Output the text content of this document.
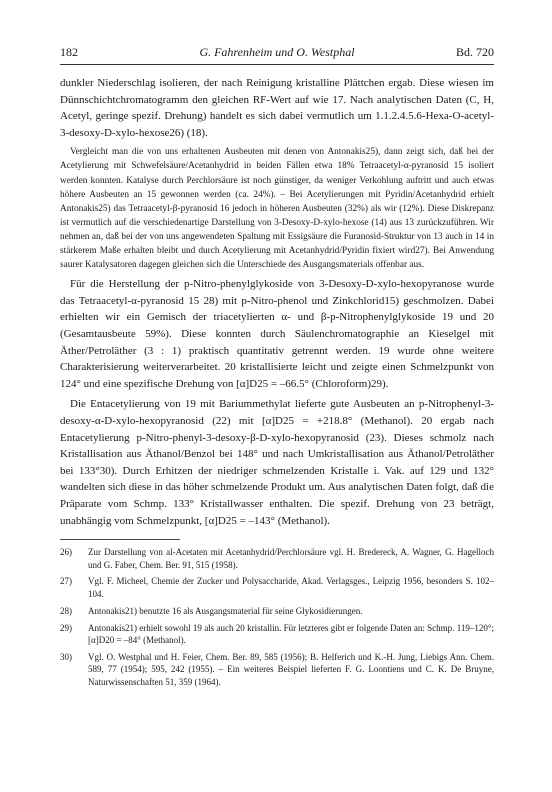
182	G. Fahrenheim und O. Westphal	Bd. 720

dunkler Niederschlag isolieren, der nach Reinigung kristalline Plättchen ergab. Diese wiesen im Dünnschichtchromatogramm den gleichen RF-Wert auf wie 17. Nach analytischen Daten (C, H, Acetyl, geringe spezif. Drehung) handelt es sich dabei vermutlich um 1.1.2.4.5.6-Hexa-O-acetyl-3-desoxy-D-xylo-hexose26) (18).

Vergleicht man die von uns erhaltenen Ausbeuten mit denen von Antonakis25), dann zeigt sich, daß bei der Acetylierung mit Schwefelsäure/Acetanhydrid in beiden Fällen etwa 18% Tetraacetyl-α-pyranosid 15 isoliert werden konnten. Katalyse durch Perchlorsäure ist noch günstiger, da weniger Verkohlung auftritt und auch etwas höhere Ausbeuten an 15 gewonnen werden (ca. 24%). – Bei Acetylierungen mit Pyridin/Acetanhydrid erhielt Antonakis25) das Tetraacetyl-β-pyranosid 16 jedoch in höheren Ausbeuten (32%) als wir (12%). Diese Diskrepanz ist vermutlich auf die verschiedenartige Darstellung von 3-Desoxy-D-xylo-hexose (14) aus 13 zurückzuführen. Wir nehmen an, daß bei der von uns angewendeten Spaltung mit Essigsäure die Furanosid-Struktur von 13 auch in 14 in stärkerem Maße erhalten bleibt und durch Acetylierung mit Acetanhydrid/Pyridin fixiert wird27). Bei Anwendung saurer Katalysatoren dagegen gleichen sich die Unterschiede des Ausgangsmaterials offenbar aus.

Für die Herstellung der p-Nitro-phenylglykoside von 3-Desoxy-D-xylo-hexopyranose wurde das Tetraacetyl-α-pyranosid 15 28) mit p-Nitro-phenol und Zinkchlorid15) geschmolzen. Dabei erhielten wir ein Gemisch der triacetylierten α- und β-p-Nitrophenylglykoside 19 und 20 (Gesamtausbeute 59%). Diese konnten durch Säulenchromatographie an Kieselgel mit Äther/Petroläther (3 : 1) praktisch quantitativ getrennt werden. 19 wurde ohne weitere Charakterisierung weiterverarbeitet. 20 kristallisierte leicht und zeigte einen Schmelzpunkt von 124° und eine spezifische Drehung von [α]D25 = –66.5° (Chloroform)29).

Die Entacetylierung von 19 mit Bariummethylat lieferte gute Ausbeuten an p-Nitrophenyl-3-desoxy-α-D-xylo-hexopyranosid (22) mit [α]D25 = +218.8° (Methanol). 20 ergab nach Entacetylierung p-Nitro-phenyl-3-desoxy-β-D-xylo-hexopyranosid (23). Dieses schmolz nach Kristallisation aus Äthanol/Benzol bei 148° und nach Umkristallisation aus Äthanol/Petroläther bei 133°30). Durch Erhitzen der niedriger schmelzenden Kristalle i. Vak. auf 129 und 132° wandelten sich diese in das höher schmelzende Produkt um. Aus analytischen Daten folgt, daß die Präparate vom Schmp. 133° Kristallwasser enthalten. Die spezif. Drehung von 23 beträgt, unabhängig vom Schmelzpunkt, [α]D25 = –143° (Methanol).

26)	Zur Darstellung von al-Acetaten mit Acetanhydrid/Perchlorsäure vgl. H. Bredereck, A. Wagner, G. Hagelloch und G. Faber, Chem. Ber. 91, 515 (1958).
27)	Vgl. F. Micheel, Chemie der Zucker und Polysaccharide, Akad. Verlagsges., Leipzig 1956, besonders S. 102–104.
28)	Antonakis21) benutzte 16 als Ausgangsmaterial für seine Glykosidierungen.
29)	Antonakis21) erhielt sowohl 19 als auch 20 kristallin. Für letzteres gibt er folgende Daten an: Schmp. 119–120°; [α]D20 = –84° (Methanol).
30)	Vgl. O. Westphal und H. Feier, Chem. Ber. 89, 585 (1956); B. Helferich und K.-H. Jung, Liebigs Ann. Chem. 589, 77 (1954); 595, 242 (1955). – Ein weiteres Beispiel lieferten F. G. Loontiens und C. K. De Bruyne, Naturwissenschaften 51, 359 (1964).
